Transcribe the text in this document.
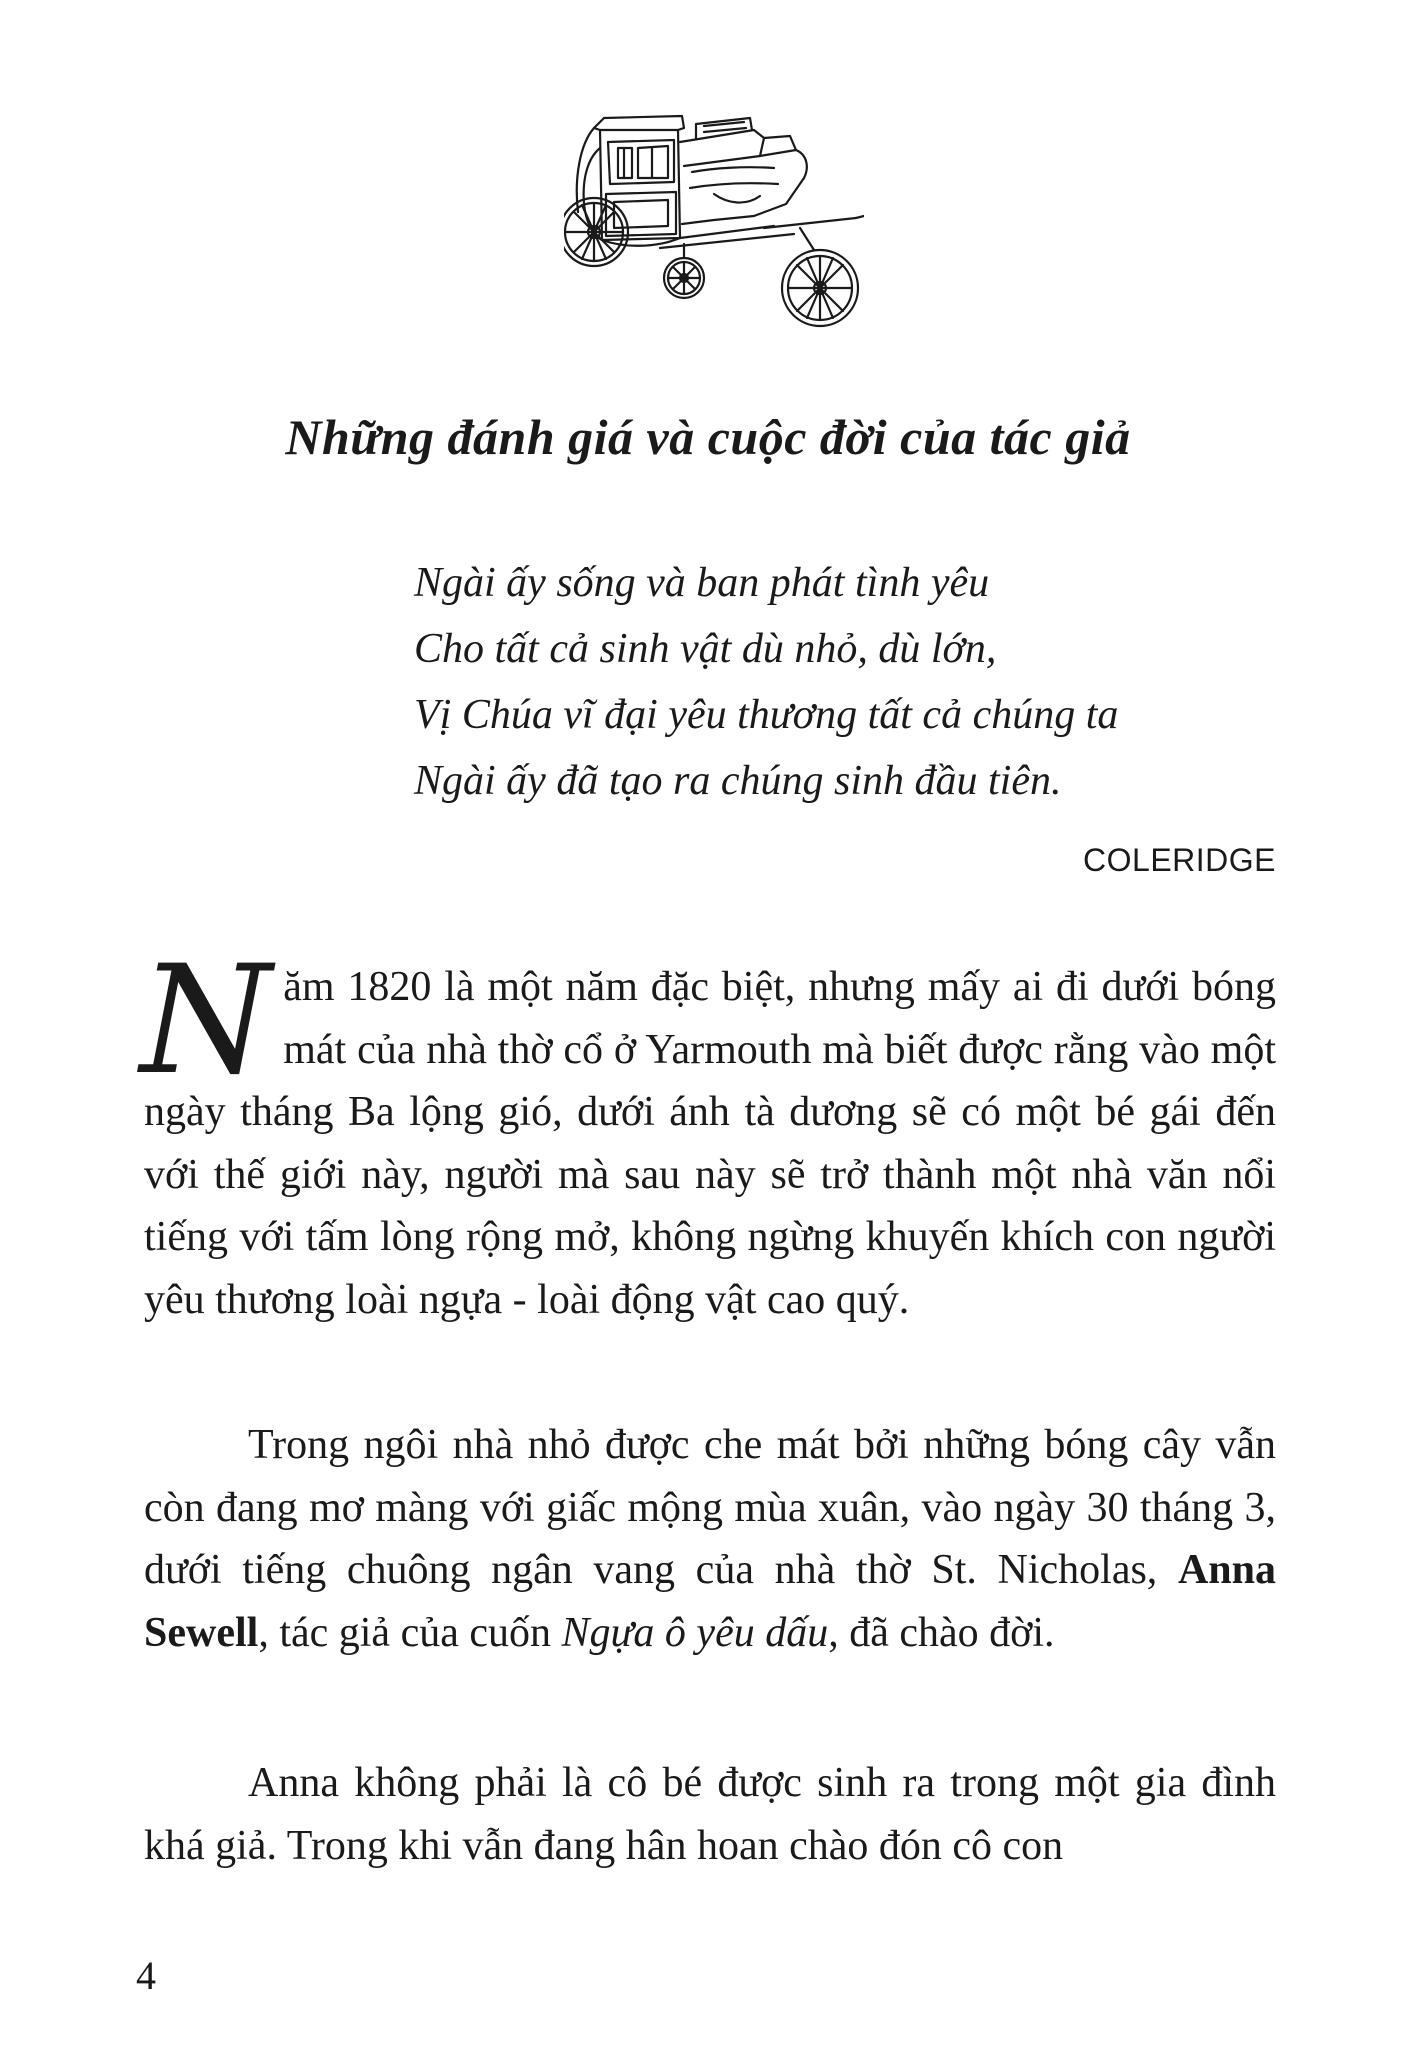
Những đánh giá và cuộc đời của tác giả
Ngài ấy sống và ban phát tình yêu
Cho tất cả sinh vật dù nhỏ, dù lớn,
Vị Chúa vĩ đại yêu thương tất cả chúng ta
Ngài ấy đã tạo ra chúng sinh đầu tiên.
COLERIDGE
Năm 1820 là một năm đặc biệt, nhưng mấy ai đi dưới bóng mát của nhà thờ cổ ở Yarmouth mà biết được rằng vào một ngày tháng Ba lộng gió, dưới ánh tà dương sẽ có một bé gái đến với thế giới này, người mà sau này sẽ trở thành một nhà văn nổi tiếng với tấm lòng rộng mở, không ngừng khuyến khích con người yêu thương loài ngựa - loài động vật cao quý.
Trong ngôi nhà nhỏ được che mát bởi những bóng cây vẫn còn đang mơ màng với giấc mộng mùa xuân, vào ngày 30 tháng 3, dưới tiếng chuông ngân vang của nhà thờ St. Nicholas, Anna Sewell, tác giả của cuốn Ngựa ô yêu dấu, đã chào đời.
Anna không phải là cô bé được sinh ra trong một gia đình khá giả. Trong khi vẫn đang hân hoan chào đón cô con
4
